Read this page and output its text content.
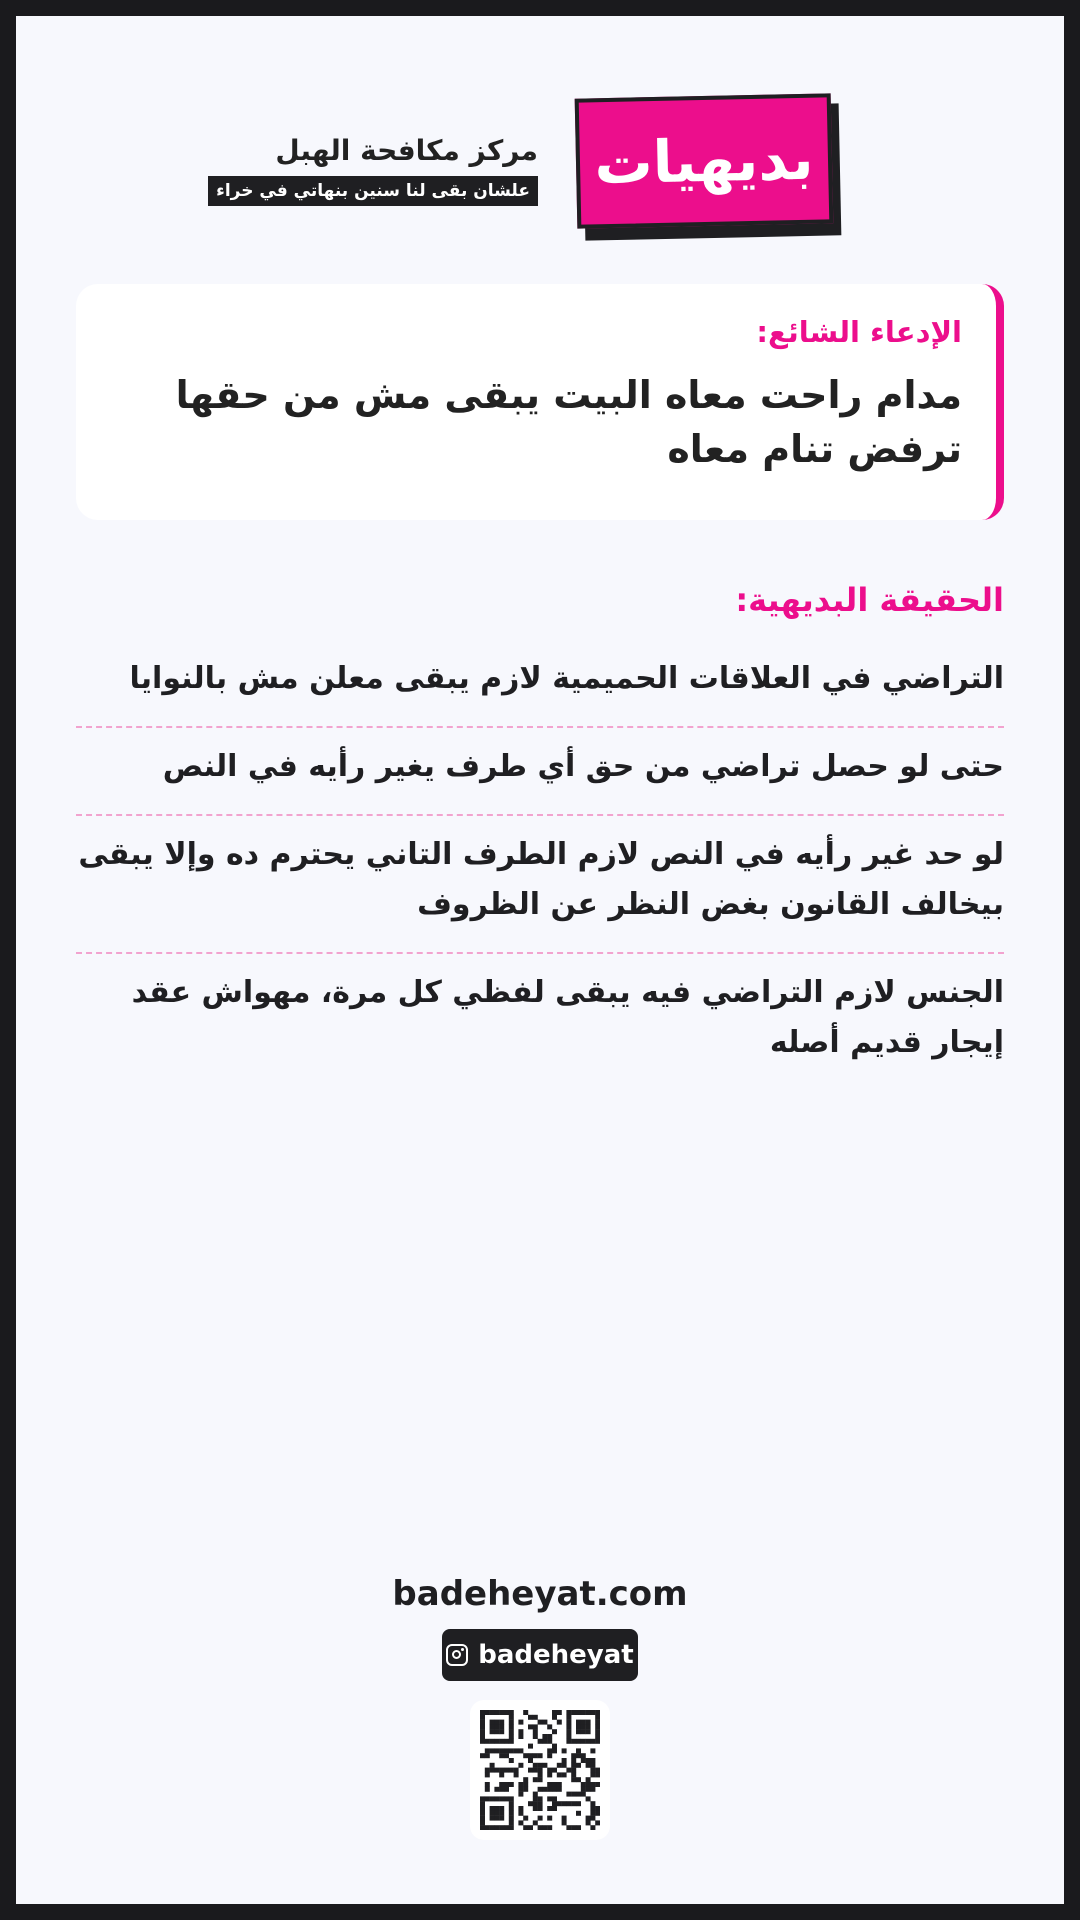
بديهيات
مركز مكافحة الهبل
علشان بقى لنا سنين بنهاتي في خراء
الإدعاء الشائع:
مدام راحت معاه البيت يبقى مش من حقها ترفض تنام معاه
الحقيقة البديهية:
التراضي في العلاقات الحميمية لازم يبقى معلن مش بالنوايا
حتى لو حصل تراضي من حق أي طرف يغير رأيه في النص
لو حد غير رأيه في النص لازم الطرف التاني يحترم ده وإلا يبقى بيخالف القانون بغض النظر عن الظروف
الجنس لازم التراضي فيه يبقى لفظي كل مرة، مهواش عقد إيجار قديم أصله
badeheyat.com
badeheyat
